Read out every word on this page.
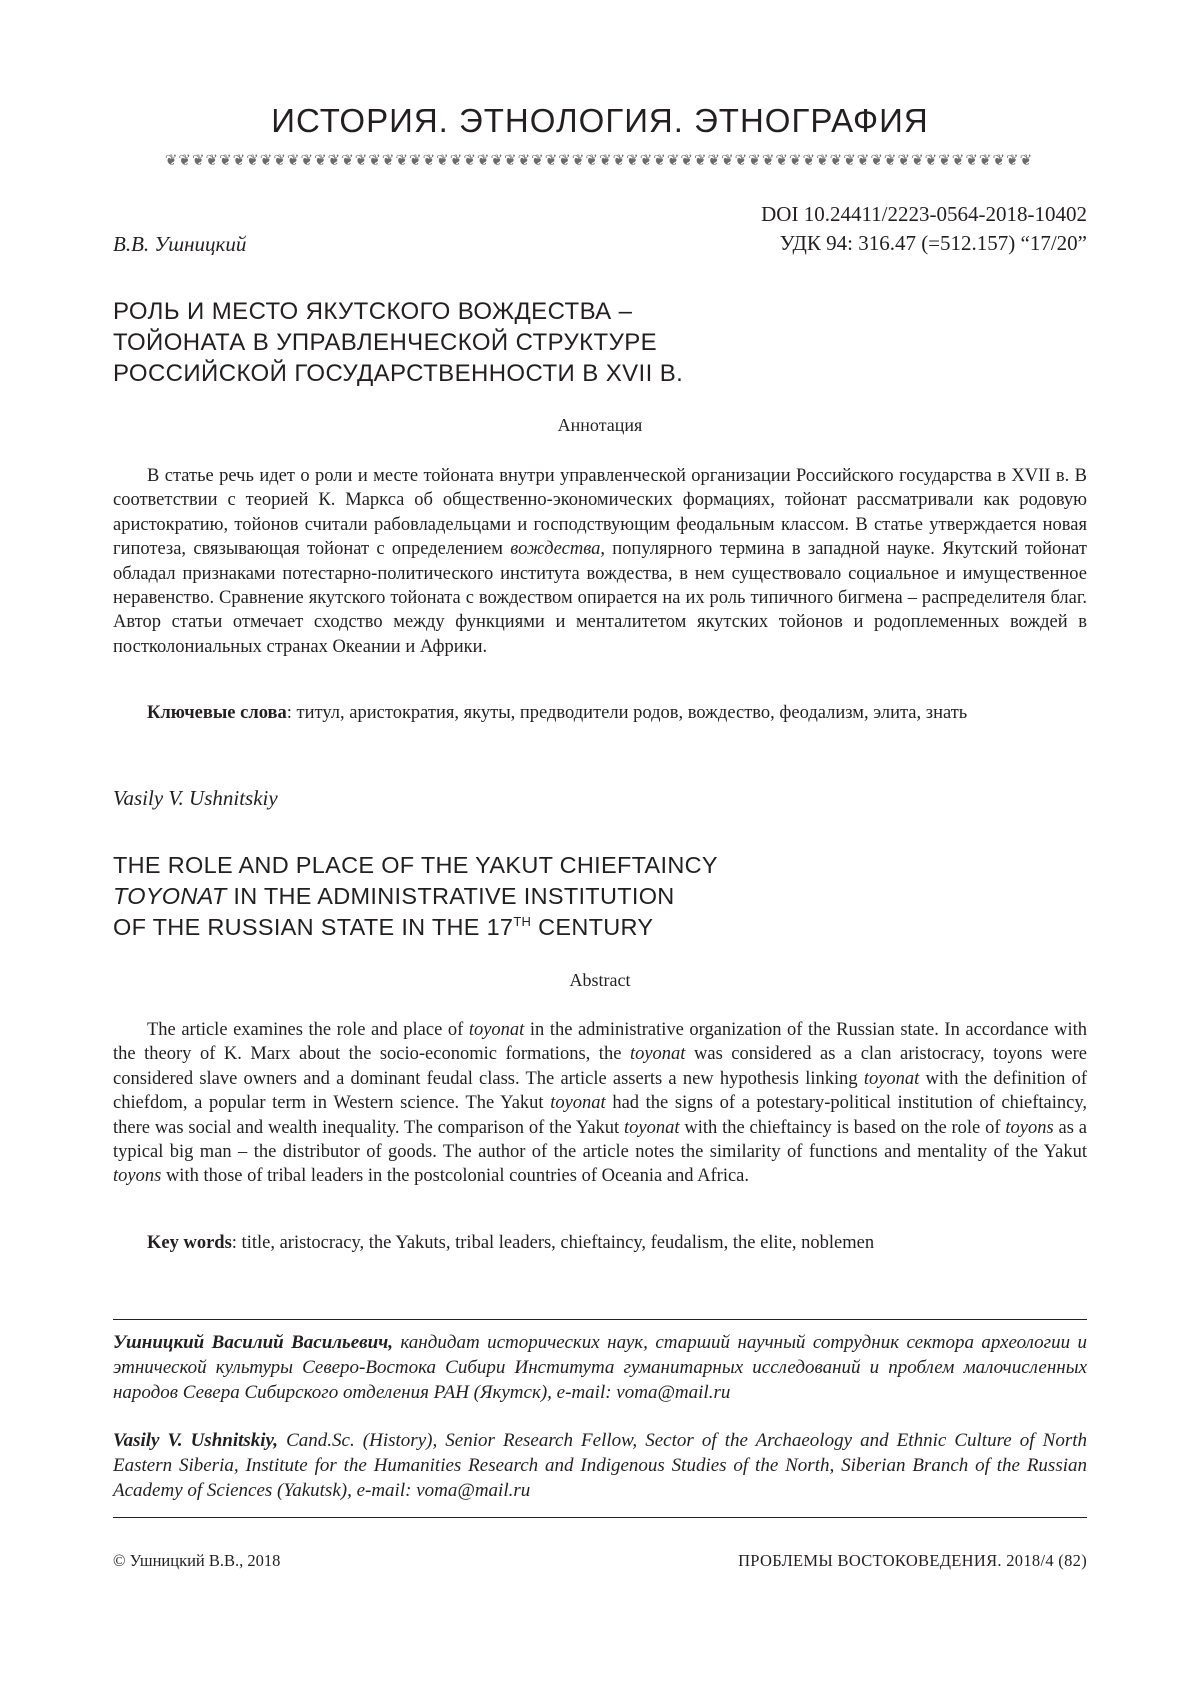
ИСТОРИЯ. ЭТНОЛОГИЯ. ЭТНОГРАФИЯ
❦❦❦❦❦❦❦❦❦❦❦❦❦❦❦❦❦❦❦❦❦❦❦❦❦❦❦❦❦❦❦❦❦❦❦❦❦❦❦❦❦❦❦❦❦❦❦❦❦❦❦❦❦❦❦❦❦❦❦❦❦❦❦❦
DOI 10.24411/2223-0564-2018-10402
УДК 94: 316.47 (=512.157) “17/20”
В.В. Ушницкий
РОЛЬ И МЕСТО ЯКУТСКОГО ВОЖДЕСТВА –
ТОЙОНАТА В УПРАВЛЕНЧЕСКОЙ СТРУКТУРЕ
РОССИЙСКОЙ ГОСУДАРСТВЕННОСТИ В XVII В.
Аннотация
В статье речь идет о роли и месте тойоната внутри управленческой организации Российского государства в XVII в. В соответствии с теорией К. Маркса об общественно-экономических формациях, тойонат рассматривали как родовую аристократию, тойонов считали рабовладельцами и господствующим феодальным классом. В статье утверждается новая гипотеза, связывающая тойонат с определением вождества, популярного термина в западной науке. Якутский тойонат обладал признаками потестарно-политического института вождества, в нем существовало социальное и имущественное неравенство. Сравнение якутского тойоната с вождеством опирается на их роль типичного бигмена – распределителя благ. Автор статьи отмечает сходство между функциями и менталитетом якутских тойонов и родоплеменных вождей в постколониальных странах Океании и Африки.
Ключевые слова: титул, аристократия, якуты, предводители родов, вождество, феодализм, элита, знать
Vasily V. Ushnitskiy
THE ROLE AND PLACE OF THE YAKUT CHIEFTAINCY
TOYONAT IN THE ADMINISTRATIVE INSTITUTION
OF THE RUSSIAN STATE IN THE 17TH CENTURY
Abstract
The article examines the role and place of toyonat in the administrative organization of the Russian state. In accordance with the theory of K. Marx about the socio-economic formations, the toyonat was considered as a clan aristocracy, toyons were considered slave owners and a dominant feudal class. The article asserts a new hypothesis linking toyonat with the definition of chiefdom, a popular term in Western science. The Yakut toyonat had the signs of a potestary-political institution of chieftaincy, there was social and wealth inequality. The comparison of the Yakut toyonat with the chieftaincy is based on the role of toyons as a typical big man – the distributor of goods. The author of the article notes the similarity of functions and mentality of the Yakut toyons with those of tribal leaders in the postcolonial countries of Oceania and Africa.
Key words: title, aristocracy, the Yakuts, tribal leaders, chieftaincy, feudalism, the elite, noblemen
Ушницкий Василий Васильевич, кандидат исторических наук, старший научный сотрудник сектора археологии и этнической культуры Северо-Востока Сибири Института гуманитарных исследований и проблем малочисленных народов Севера Сибирского отделения РАН (Якутск), e-mail: voma@mail.ru
Vasily V. Ushnitskiy, Cand.Sc. (History), Senior Research Fellow, Sector of the Archaeology and Ethnic Culture of North Eastern Siberia, Institute for the Humanities Research and Indigenous Studies of the North, Siberian Branch of the Russian Academy of Sciences (Yakutsk), e-mail: voma@mail.ru
© Ушницкий В.В., 2018	ПРОБЛЕМЫ ВОСТОКОВЕДЕНИЯ. 2018/4 (82)
